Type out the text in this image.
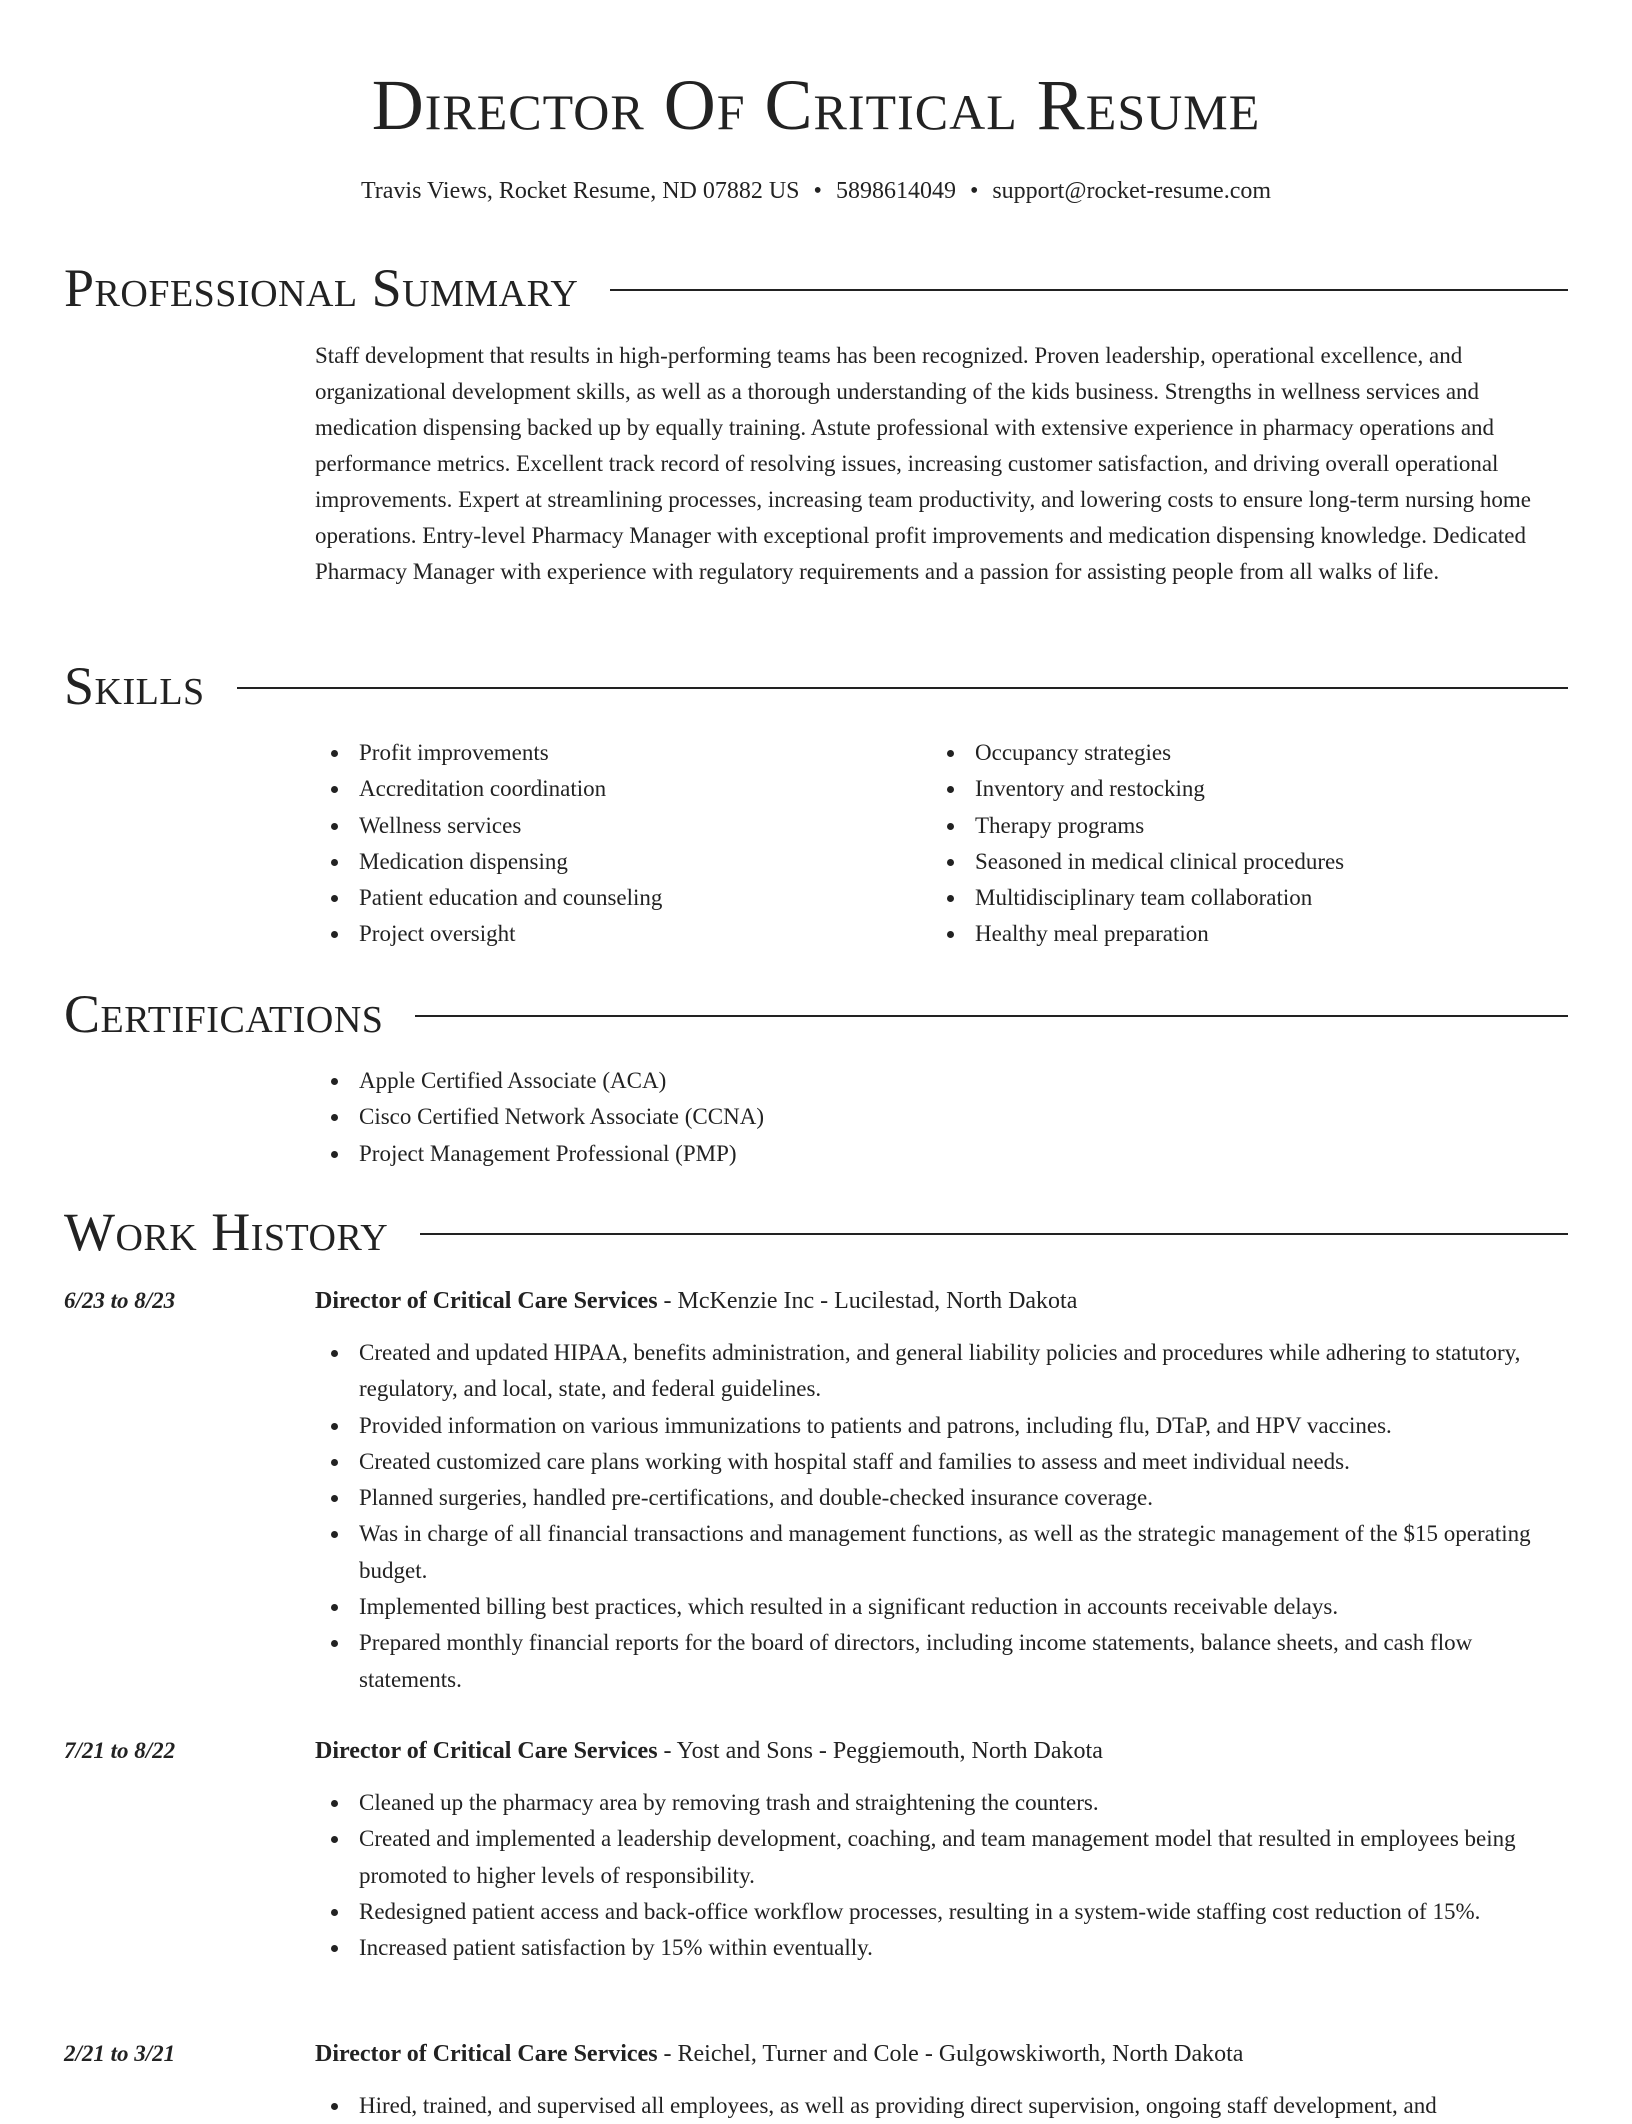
Director Of Critical Resume
Travis Views, Rocket Resume, ND 07882 US • 5898614049 • support@rocket-resume.com
Professional Summary

Staff development that results in high-performing teams has been recognized. Proven leadership, operational excellence, and organizational development skills, as well as a thorough understanding of the kids business. Strengths in wellness services and medication dispensing backed up by equally training. Astute professional with extensive experience in pharmacy operations and performance metrics. Excellent track record of resolving issues, increasing customer satisfaction, and driving overall operational improvements. Expert at streamlining processes, increasing team productivity, and lowering costs to ensure long-term nursing home operations. Entry-level Pharmacy Manager with exceptional profit improvements and medication dispensing knowledge. Dedicated Pharmacy Manager with experience with regulatory requirements and a passion for assisting people from all walks of life.

Skills
Profit improvements
Accreditation coordination
Wellness services
Medication dispensing
Patient education and counseling
Project oversight
Occupancy strategies
Inventory and restocking
Therapy programs
Seasoned in medical clinical procedures
Multidisciplinary team collaboration
Healthy meal preparation
Certifications
Apple Certified Associate (ACA)
Cisco Certified Network Associate (CCNA)
Project Management Professional (PMP)
Work History
6/23 to 8/23	Director of Critical Care Services - McKenzie Inc - Lucilestad, North Dakota
Created and updated HIPAA, benefits administration, and general liability policies and procedures while adhering to statutory, regulatory, and local, state, and federal guidelines.
Provided information on various immunizations to patients and patrons, including flu, DTaP, and HPV vaccines.
Created customized care plans working with hospital staff and families to assess and meet individual needs.
Planned surgeries, handled pre-certifications, and double-checked insurance coverage.
Was in charge of all financial transactions and management functions, as well as the strategic management of the $15 operating budget.
Implemented billing best practices, which resulted in a significant reduction in accounts receivable delays.
Prepared monthly financial reports for the board of directors, including income statements, balance sheets, and cash flow statements.
7/21 to 8/22	Director of Critical Care Services - Yost and Sons - Peggiemouth, North Dakota
Cleaned up the pharmacy area by removing trash and straightening the counters.
Created and implemented a leadership development, coaching, and team management model that resulted in employees being promoted to higher levels of responsibility.
Redesigned patient access and back-office workflow processes, resulting in a system-wide staffing cost reduction of 15%.
Increased patient satisfaction by 15% within eventually.
2/21 to 3/21	Director of Critical Care Services - Reichel, Turner and Cole - Gulgowskiworth, North Dakota
Hired, trained, and supervised all employees, as well as providing direct supervision, ongoing staff development, and
